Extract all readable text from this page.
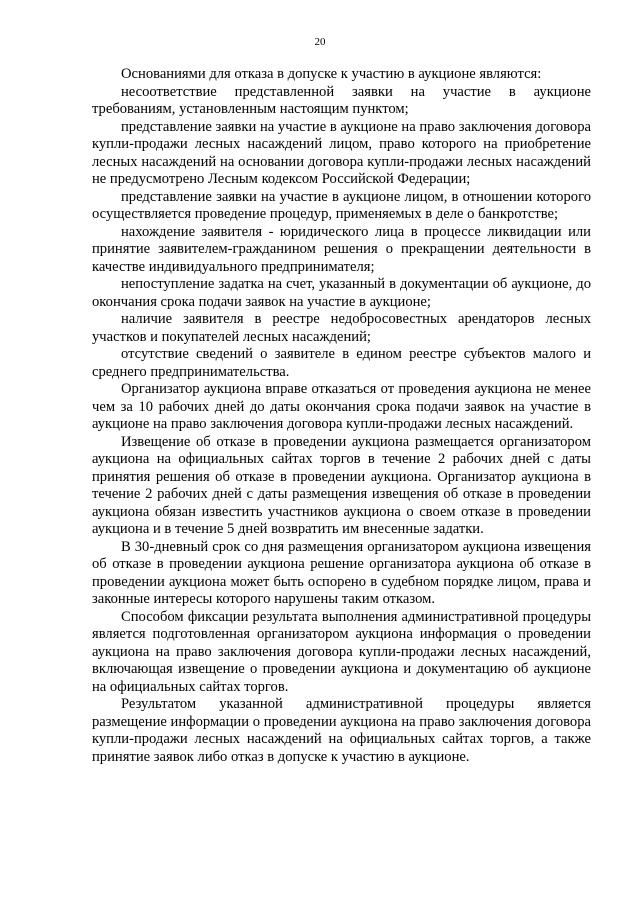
20

Основаниями для отказа в допуске к участию в аукционе являются:

несоответствие представленной заявки на участие в аукционе требованиям, установленным настоящим пунктом;

представление заявки на участие в аукционе на право заключения договора купли-продажи лесных насаждений лицом, право которого на приобретение лесных насаждений на основании договора купли-продажи лесных насаждений не предусмотрено Лесным кодексом Российской Федерации;

представление заявки на участие в аукционе лицом, в отношении которого осуществляется проведение процедур, применяемых в деле о банкротстве;

нахождение заявителя - юридического лица в процессе ликвидации или принятие заявителем-гражданином решения о прекращении деятельности в качестве индивидуального предпринимателя;

непоступление задатка на счет, указанный в документации об аукционе, до окончания срока подачи заявок на участие в аукционе;

наличие заявителя в реестре недобросовестных арендаторов лесных участков и покупателей лесных насаждений;

отсутствие сведений о заявителе в едином реестре субъектов малого и среднего предпринимательства.

Организатор аукциона вправе отказаться от проведения аукциона не менее чем за 10 рабочих дней до даты окончания срока подачи заявок на участие в аукционе на право заключения договора купли-продажи лесных насаждений.

Извещение об отказе в проведении аукциона размещается организатором аукциона на официальных сайтах торгов в течение 2 рабочих дней с даты принятия решения об отказе в проведении аукциона. Организатор аукциона в течение 2 рабочих дней с даты размещения извещения об отказе в проведении аукциона обязан известить участников аукциона о своем отказе в проведении аукциона и в течение 5 дней возвратить им внесенные задатки.

В 30-дневный срок со дня размещения организатором аукциона извещения об отказе в проведении аукциона решение организатора аукциона об отказе в проведении аукциона может быть оспорено в судебном порядке лицом, права и законные интересы которого нарушены таким отказом.

Способом фиксации результата выполнения административной процедуры является подготовленная организатором аукциона информация о проведении аукциона на право заключения договора купли-продажи лесных насаждений, включающая извещение о проведении аукциона и документацию об аукционе на официальных сайтах торгов.

Результатом указанной административной процедуры является размещение информации о проведении аукциона на право заключения договора купли-продажи лесных насаждений на официальных сайтах торгов, а также принятие заявок либо отказ в допуске к участию в аукционе.
